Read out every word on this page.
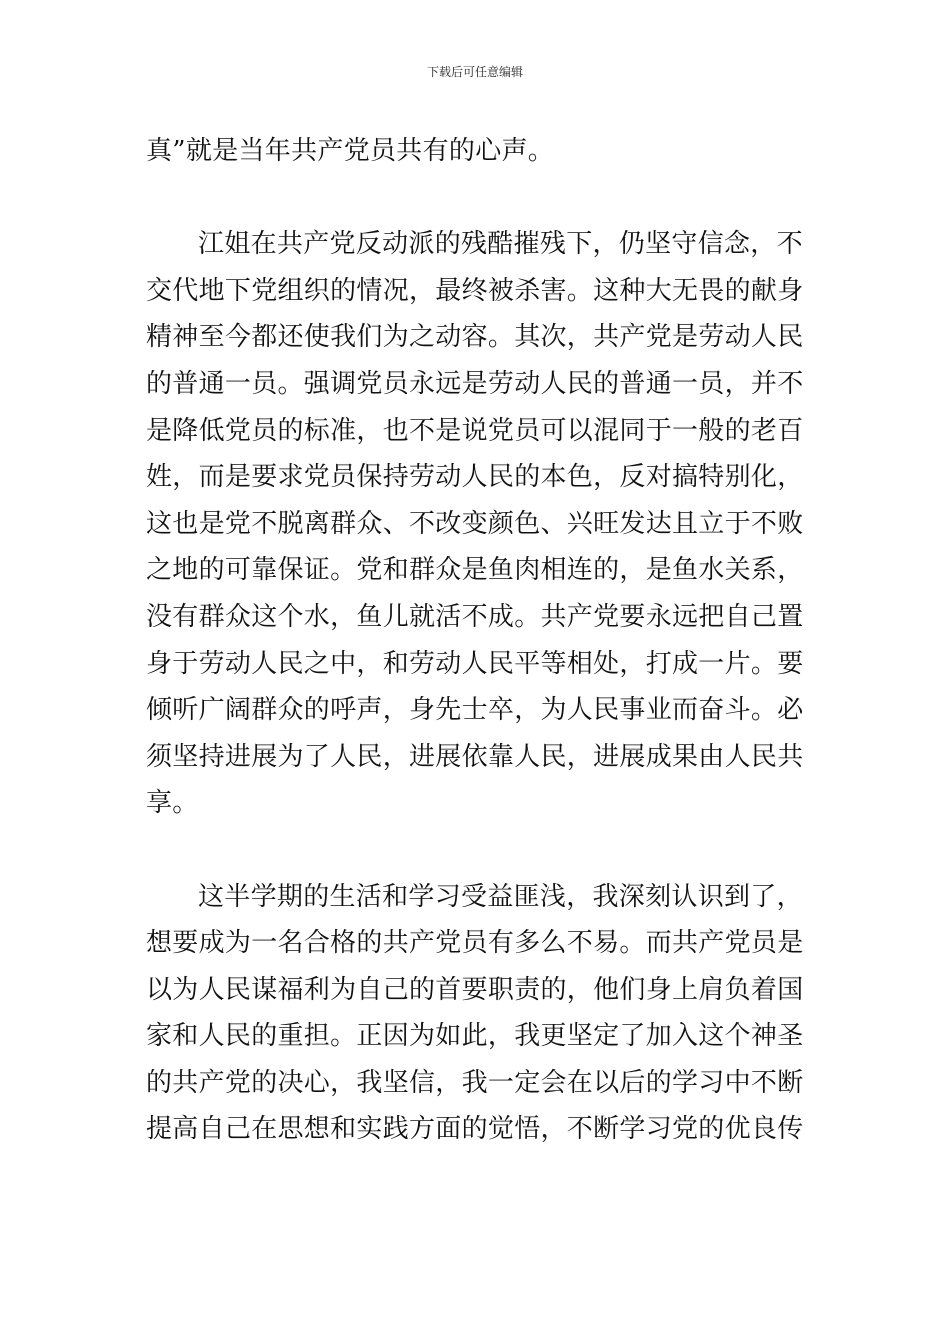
下载后可任意编辑

真”就是当年共产党员共有的心声。

江姐在共产党反动派的残酷摧残下，仍坚守信念，不交代地下党组织的情况，最终被杀害。这种大无畏的献身精神至今都还使我们为之动容。其次，共产党是劳动人民的普通一员。强调党员永远是劳动人民的普通一员，并不是降低党员的标准，也不是说党员可以混同于一般的老百姓，而是要求党员保持劳动人民的本色，反对搞特别化，这也是党不脱离群众、不改变颜色、兴旺发达且立于不败之地的可靠保证。党和群众是鱼肉相连的，是鱼水关系，没有群众这个水，鱼儿就活不成。共产党要永远把自己置身于劳动人民之中，和劳动人民平等相处，打成一片。要倾听广阔群众的呼声，身先士卒，为人民事业而奋斗。必须坚持进展为了人民，进展依靠人民，进展成果由人民共享。

这半学期的生活和学习受益匪浅，我深刻认识到了，想要成为一名合格的共产党员有多么不易。而共产党员是以为人民谋福利为自己的首要职责的，他们身上肩负着国家和人民的重担。正因为如此，我更坚定了加入这个神圣的共产党的决心，我坚信，我一定会在以后的学习中不断提高自己在思想和实践方面的觉悟，不断学习党的优良传
